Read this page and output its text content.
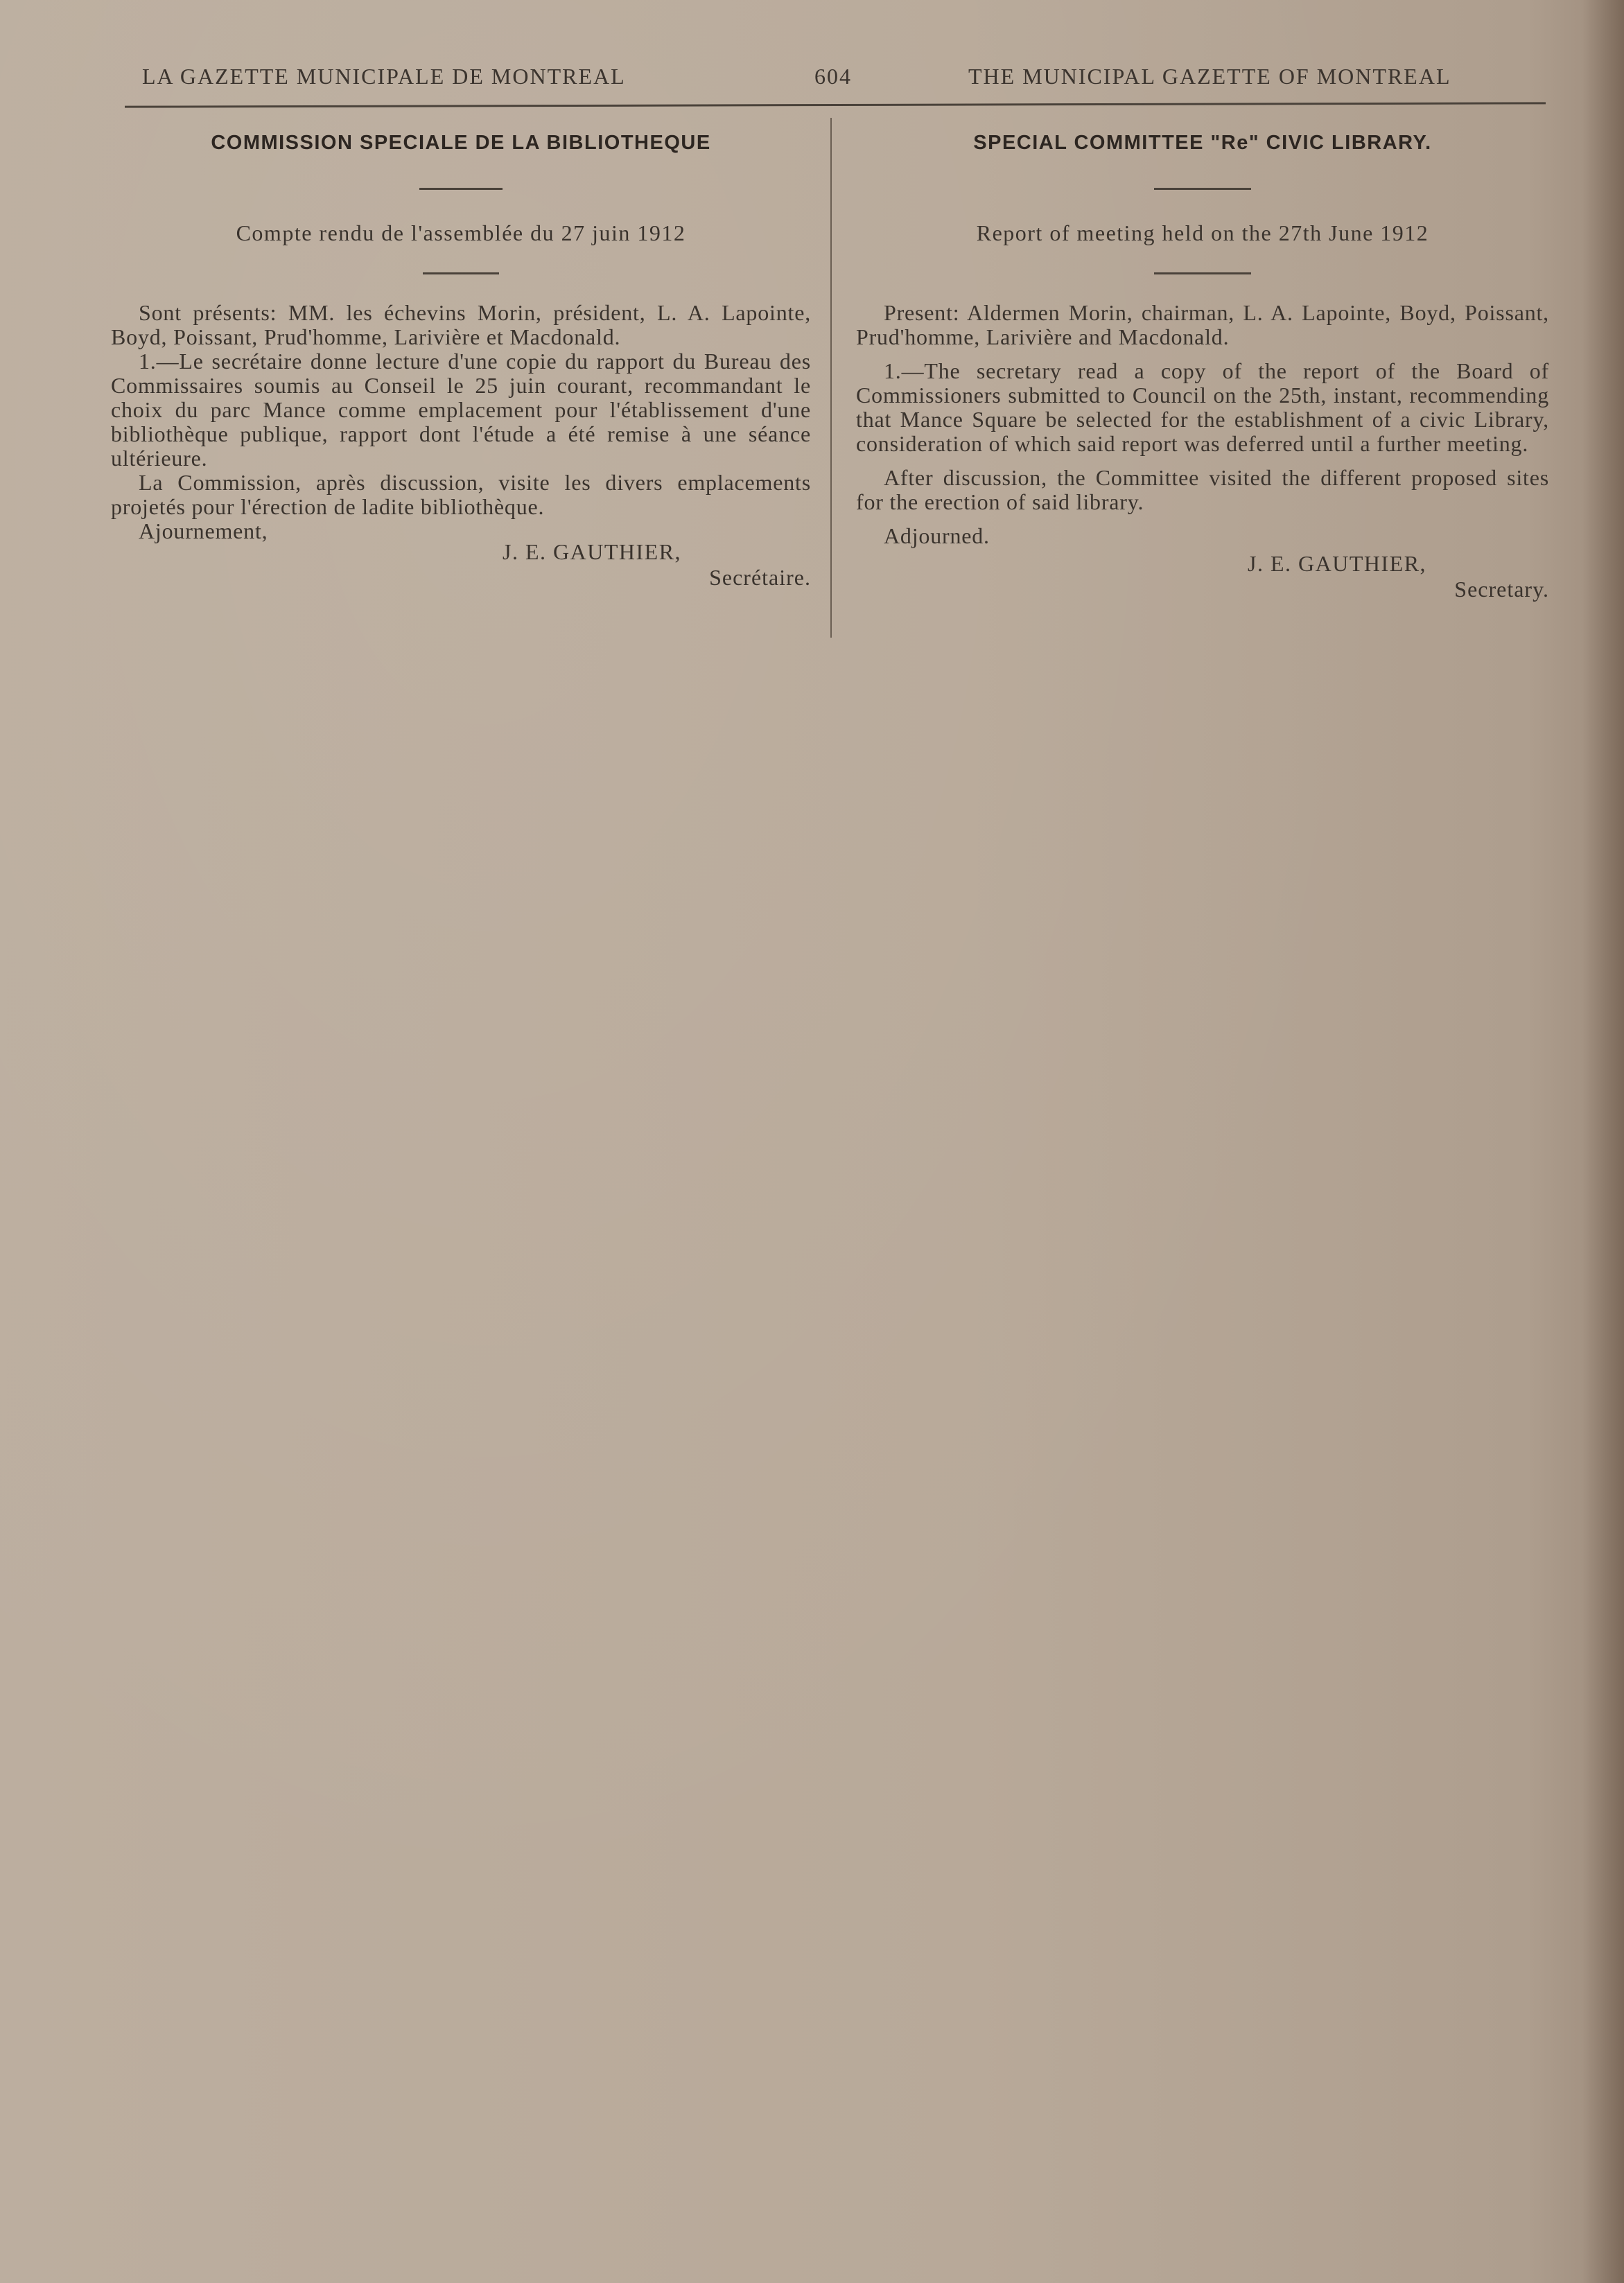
LA GAZETTE MUNICIPALE DE MONTREAL	604	THE MUNICIPAL GAZETTE OF MONTREAL
COMMISSION SPECIALE DE LA BIBLIOTHEQUE

Compte rendu de l'assemblée du 27 juin 1912

Sont présents: MM. les échevins Morin, président, L. A. Lapointe, Boyd, Poissant, Prud'homme, Larivière et Macdonald.

1.—Le secrétaire donne lecture d'une copie du rapport du Bureau des Commissaires soumis au Conseil le 25 juin courant, recommandant le choix du parc Mance comme emplacement pour l'établissement d'une bibliothèque publique, rapport dont l'étude a été remise à une séance ultérieure.

La Commission, après discussion, visite les divers emplacements projetés pour l'érection de ladite bibliothèque.

Ajournement,

J. E. GAUTHIER,

Secrétaire.

SPECIAL COMMITTEE "Re" CIVIC LIBRARY.

Report of meeting held on the 27th June 1912

Present: Aldermen Morin, chairman, L. A. Lapointe, Boyd, Poissant, Prud'homme, Larivière and Macdonald.

1.—The secretary read a copy of the report of the Board of Commissioners submitted to Council on the 25th, instant, recommending that Mance Square be selected for the establishment of a civic Library, consideration of which said report was deferred until a further meeting.

After discussion, the Committee visited the different proposed sites for the erection of said library.

Adjourned.

J. E. GAUTHIER,

Secretary.
